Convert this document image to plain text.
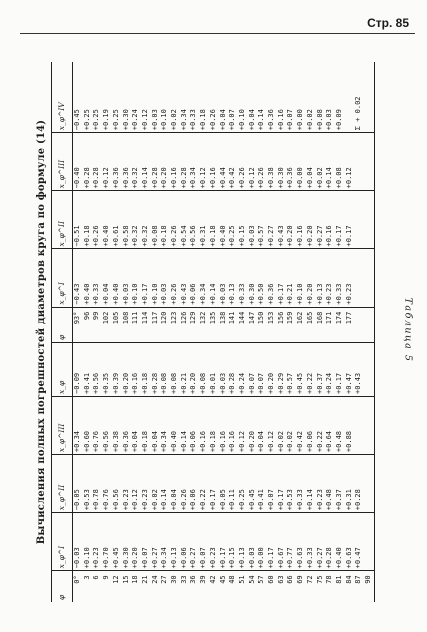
Стр. 85
Таблица 5
Вычисления полных погрешностей диаметров круга по формуле (14)
φ	x_φ^I	x_φ^II	x_φ^III	x_φ	φ	x_φ^I	x_φ^II	x_φ^III	x_φ^IV
0°	−0.03	−0.05	+0.34	−0.09	93°	−0.43	−0.51	−0.40	−0.45
3	+0.10	+0.53	+0.60	+0.41	96	+0.40	+0.18	+0.28	+0.25
6	+0.23	+0.78	+0.76	+0.56	99	+0.33	+0.26	+0.28	+0.25
9	+0.70	+0.76	+0.56	+0.35	102	+0.04	+0.40	+0.12	+0.19
12	+0.45	+0.56	+0.38	+0.39	105	+0.40	+0.61	+0.36	+0.25
15	+0.30	+0.23	+0.36	+0.20	108	+0.03	+0.58	+0.36	+0.30
18	+0.20	+0.12	+0.04	+0.16	111	+0.10	+0.32	+0.32	+0.24
21	+0.07	+0.23	+0.18	+0.18	114	+0.17	+0.32	+0.14	+0.12
24	+0.27	+0.02	+0.04	+0.28	117	+0.10	+0.08	+0.28	+0.03
27	+0.34	+0.14	+0.34	+0.08	120	+0.03	+0.18	+0.20	+0.10
30	+0.13	+0.04	+0.40	+0.08	123	+0.26	+0.26	+0.16	+0.02
33	+0.06	+0.26	+0.14	+0.21	126	+0.43	+0.54	+0.28	+0.34
36	+0.27	+0.06	+0.06	+0.20	129	+0.06	+0.56	+0.34	+0.33
39	+0.07	+0.22	+0.16	+0.08	132	+0.34	+0.31	+0.12	+0.18
42	+0.23	+0.17	+0.18	+0.01	135	+0.14	+0.18	+0.16	+0.26
45	+0.17	+0.05	+0.16	+0.03	138	+0.03	+0.40	+0.44	+0.04
48	+0.15	+0.11	+0.16	+0.28	141	+0.13	+0.25	+0.42	+0.07
51	+0.13	+0.25	+0.12	+0.24	144	+0.33	+0.15	+0.26	+0.10
54	+0.03	+0.45	+0.20	+0.07	147	+0.30	+0.03	+0.12	+0.04
57	+0.00	+0.41	+0.04	+0.07	150	+0.50	+0.57	+0.26	+0.14
60	+0.17	+0.07	+0.12	+0.20	153	+0.36	+0.27	+0.38	+0.36
63	+0.67	+0.17	+0.02	+0.29	156	+0.17	+0.43	+0.30	+0.16
66	+0.77	+0.53	+0.02	+0.57	159	+0.21	+0.20	+0.36	+0.07
69	+0.63	+0.33	+0.42	+0.45	162	+0.10	+0.16	+0.00	+0.00
72	+0.33	+0.14	+0.06	+0.22	165	+0.20	+0.20	+0.04	+0.02
75	+0.27	+0.23	+0.22	+0.37	168	+0.13	+0.27	+0.02	+0.08
78	+0.28	+0.48	+0.64	+0.24	171	+0.23	+0.16	+0.14	+0.03
81	+0.40	+0.37	+0.48	+0.17	174	+0.33	+0.17	+0.08	+0.09
84	+0.63	+0.31	+0.88	+0.47	177	+0.23	+0.17	+0.12	
87	+0.47	+0.28		+0.43					Σ + 0.02
90									
